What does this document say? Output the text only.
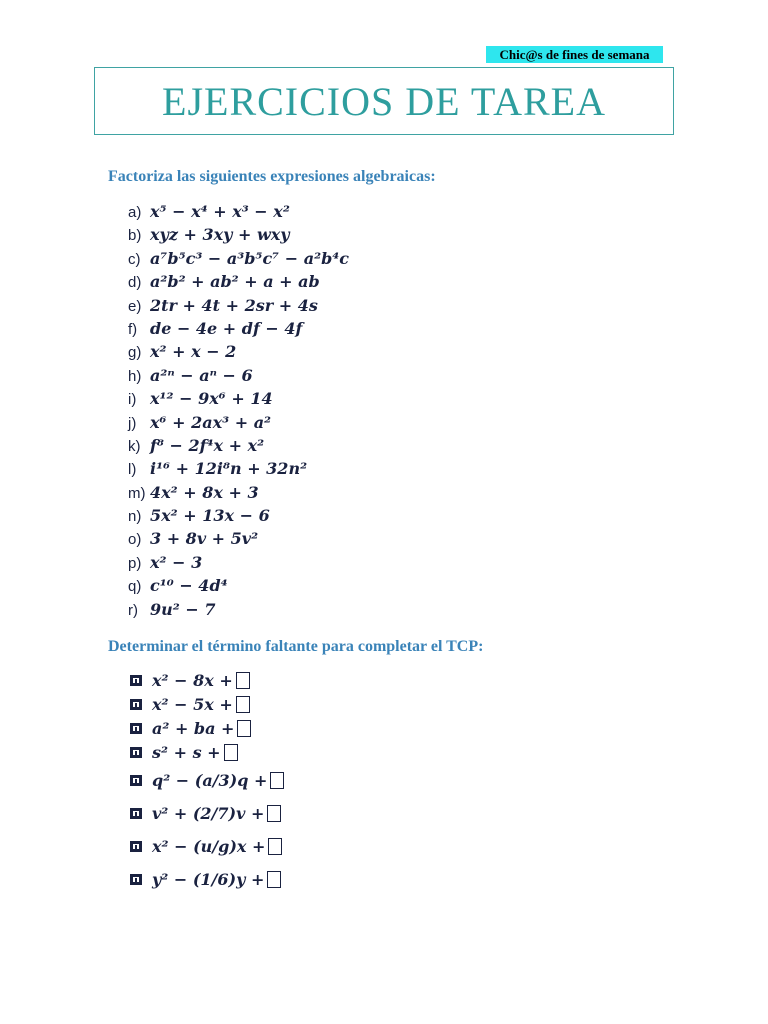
Chic@s de fines de semana
EJERCICIOS DE TAREA
Factoriza las siguientes expresiones algebraicas:
a) x⁵ − x⁴ + x³ − x²
b) xyz + 3xy + wxy
c) a⁷b⁵c³ − a³b⁵c⁷ − a²b⁴c
d) a²b² + ab² + a + ab
e) 2tr + 4t + 2sr + 4s
f) de − 4e + df − 4f
g) x² + x − 2
h) a²ⁿ − aⁿ − 6
i) x¹² − 9x⁶ + 14
j) x⁶ + 2ax³ + a²
k) f⁸ − 2f⁴x + x²
l) i¹⁶ + 12i⁸n + 32n²
m) 4x² + 8x + 3
n) 5x² + 13x − 6
o) 3 + 8v + 5v²
p) x² − 3
q) c¹⁰ − 4d⁴
r) 9u² − 7
Determinar el término faltante para completar el TCP:
x² − 8x +
x² − 5x +
a² + ba +
s² + s +
q² − (a/3)q +
v² + (2/7)v +
x² − (u/g)x +
y² − (1/6)y +
